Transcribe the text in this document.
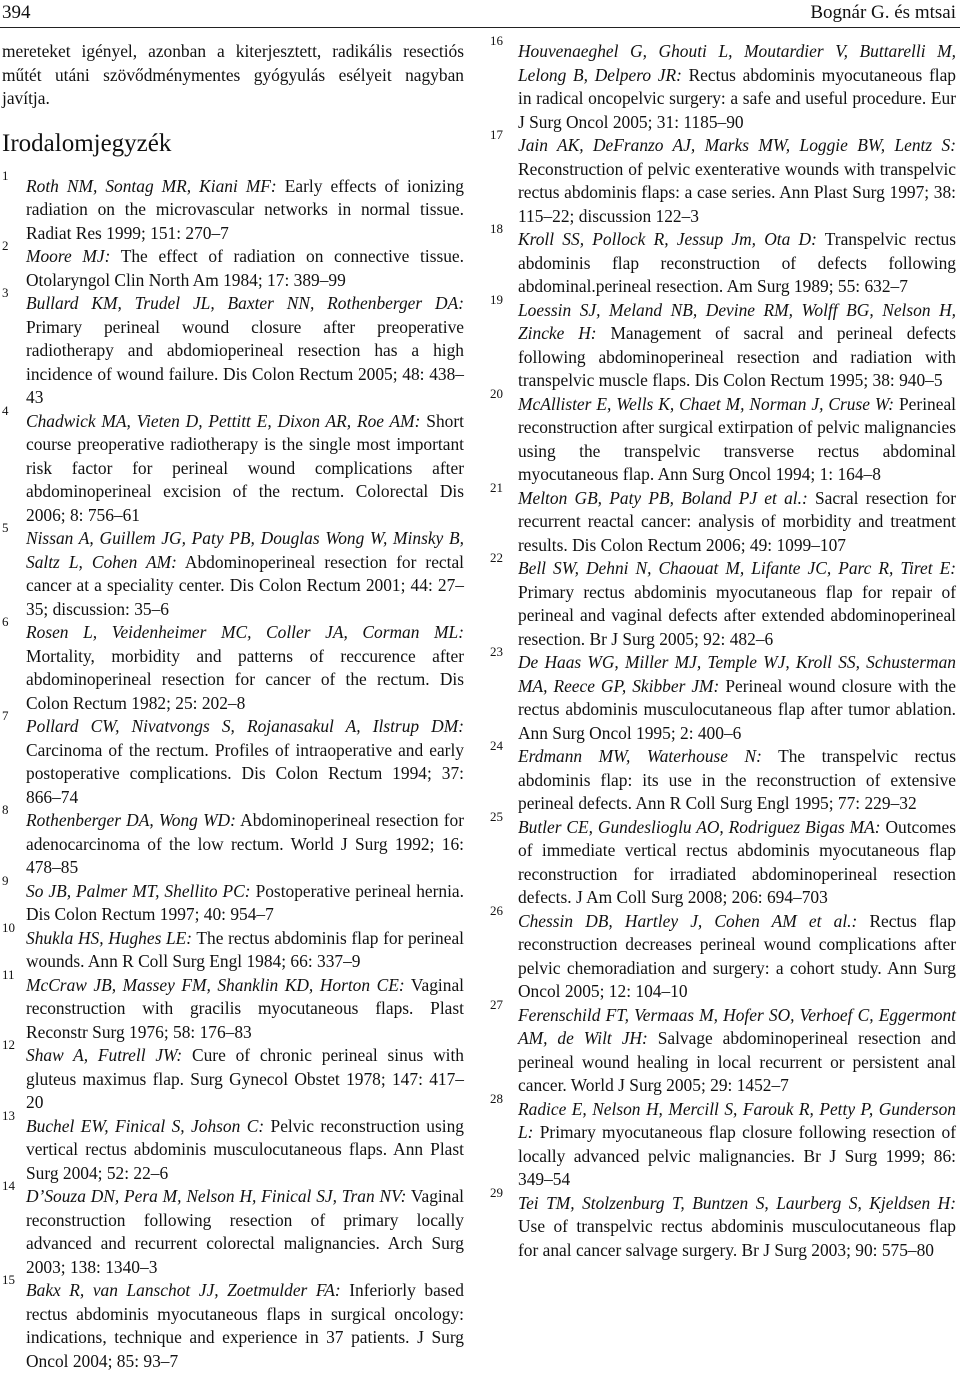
394	Bognár G. és mtsai

mereteket igényel, azonban a kiterjesztett, radikális resectiós műtét utáni szövődménymentes gyógyulás esélyeit nagyban javítja.

Irodalomjegyzék
1
Roth NM, Sontag MR, Kiani MF: Early effects of ionizing radiation on the microvascular networks in normal tissue. Radiat Res 1999; 151: 270–7
2
Moore MJ: The effect of radiation on connective tissue. Otolaryngol Clin North Am 1984; 17: 389–99
3
Bullard KM, Trudel JL, Baxter NN, Rothenberger DA: Primary perineal wound closure after preoperative radiotherapy and abdomioperineal resection has a high incidence of wound failure. Dis Colon Rectum 2005; 48: 438–43
4
Chadwick MA, Vieten D, Pettitt E, Dixon AR, Roe AM: Short course preoperative radiotherapy is the single most important risk factor for perineal wound complications after abdominoperineal excision of the rectum. Colorectal Dis 2006; 8: 756–61
5
Nissan A, Guillem JG, Paty PB, Douglas Wong W, Minsky B, Saltz L, Cohen AM: Abdominoperineal resection for rectal cancer at a speciality center. Dis Colon Rectum 2001; 44: 27–35; discussion: 35–6
6
Rosen L, Veidenheimer MC, Coller JA, Corman ML: Mortality, morbidity and patterns of reccurence after abdominoperineal resection for cancer of the rectum. Dis Colon Rectum 1982; 25: 202–8
7
Pollard CW, Nivatvongs S, Rojanasakul A, Ilstrup DM: Carcinoma of the rectum. Profiles of intraoperative and early postoperative complications. Dis Colon Rectum 1994; 37: 866–74
8
Rothenberger DA, Wong WD: Abdominoperineal resection for adenocarcinoma of the low rectum. World J Surg 1992; 16: 478–85
9
So JB, Palmer MT, Shellito PC: Postoperative perineal hernia. Dis Colon Rectum 1997; 40: 954–7
10
Shukla HS, Hughes LE: The rectus abdominis flap for perineal wounds. Ann R Coll Surg Engl 1984; 66: 337–9
11
McCraw JB, Massey FM, Shanklin KD, Horton CE: Vaginal reconstruction with gracilis myocutaneous flaps. Plast Reconstr Surg 1976; 58: 176–83
12
Shaw A, Futrell JW: Cure of chronic perineal sinus with gluteus maximus flap. Surg Gynecol Obstet 1978; 147: 417–20
13
Buchel EW, Finical S, Johson C: Pelvic reconstruction using vertical rectus abdominis musculocutaneous flaps. Ann Plast Surg 2004; 52: 22–6
14
D’Souza DN, Pera M, Nelson H, Finical SJ, Tran NV: Vaginal reconstruction following resection of primary locally advanced and recurrent colorectal malignancies. Arch Surg 2003; 138: 1340–3
15
Bakx R, van Lanschot JJ, Zoetmulder FA: Inferiorly based rectus abdominis myocutaneous flaps in surgical oncology: indications, technique and experience in 37 patients. J Surg Oncol 2004; 85: 93–7
16
Houvenaeghel G, Ghouti L, Moutardier V, Buttarelli M, Lelong B, Delpero JR: Rectus abdominis myocutaneous flap in radical oncopelvic surgery: a safe and useful procedure. Eur J Surg Oncol 2005; 31: 1185–90
17
Jain AK, DeFranzo AJ, Marks MW, Loggie BW, Lentz S: Reconstruction of pelvic exenterative wounds with transpelvic rectus abdominis flaps: a case series. Ann Plast Surg 1997; 38: 115–22; discussion 122–3
18
Kroll SS, Pollock R, Jessup Jm, Ota D: Transpelvic rectus abdominis flap reconstruction of defects following abdominal.perineal resection. Am Surg 1989; 55: 632–7
19
Loessin SJ, Meland NB, Devine RM, Wolff BG, Nelson H, Zincke H: Management of sacral and perineal defects following abdominoperineal resection and radiation with transpelvic muscle flaps. Dis Colon Rectum 1995; 38: 940–5
20
McAllister E, Wells K, Chaet M, Norman J, Cruse W: Perineal reconstruction after surgical extirpation of pelvic malignancies using the transpelvic transverse rectus abdominal myocutaneous flap. Ann Surg Oncol 1994; 1: 164–8
21
Melton GB, Paty PB, Boland PJ et al.: Sacral resection for recurrent reactal cancer: analysis of morbidity and treatment results. Dis Colon Rectum 2006; 49: 1099–107
22
Bell SW, Dehni N, Chaouat M, Lifante JC, Parc R, Tiret E: Primary rectus abdominis myocutaneous flap for repair of perineal and vaginal defects after extended abdominoperineal resection. Br J Surg 2005; 92: 482–6
23
De Haas WG, Miller MJ, Temple WJ, Kroll SS, Schusterman MA, Reece GP, Skibber JM: Perineal wound closure with the rectus abdominis musculocutaneous flap after tumor ablation. Ann Surg Oncol 1995; 2: 400–6
24
Erdmann MW, Waterhouse N: The transpelvic rectus abdominis flap: its use in the reconstruction of extensive perineal defects. Ann R Coll Surg Engl 1995; 77: 229–32
25
Butler CE, Gundeslioglu AO, Rodriguez Bigas MA: Outcomes of immediate vertical rectus abdominis myocutaneous flap reconstruction for irradiated abdominoperineal resection defects. J Am Coll Surg 2008; 206: 694–703
26
Chessin DB, Hartley J, Cohen AM et al.: Rectus flap reconstruction decreases perineal wound complications after pelvic chemoradiation and surgery: a cohort study. Ann Surg Oncol 2005; 12: 104–10
27
Ferenschild FT, Vermaas M, Hofer SO, Verhoef C, Eggermont AM, de Wilt JH: Salvage abdominoperineal resection and perineal wound healing in local recurrent or persistent anal cancer. World J Surg 2005; 29: 1452–7
28
Radice E, Nelson H, Mercill S, Farouk R, Petty P, Gunderson L: Primary myocutaneous flap closure following resection of locally advanced pelvic malignancies. Br J Surg 1999; 86: 349–54
29
Tei TM, Stolzenburg T, Buntzen S, Laurberg S, Kjeldsen H: Use of transpelvic rectus abdominis musculocutaneous flap for anal cancer salvage surgery. Br J Surg 2003; 90: 575–80
